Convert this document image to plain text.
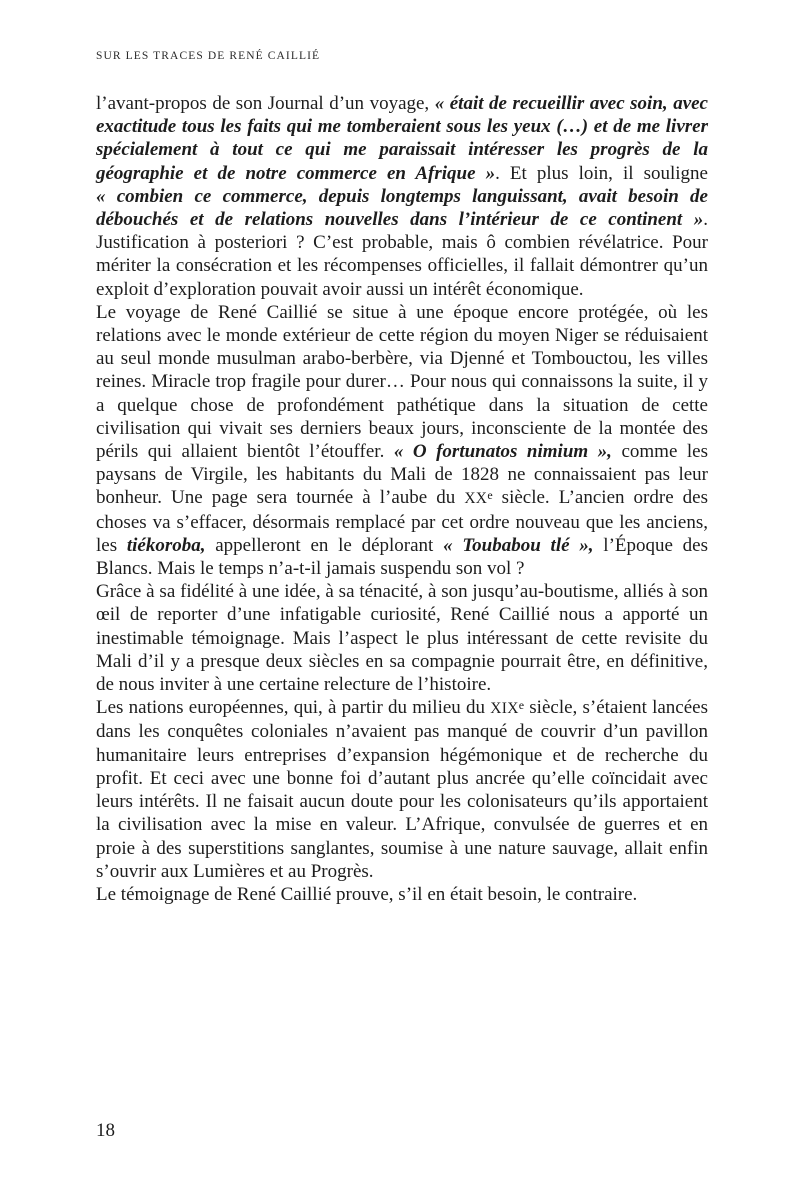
SUR LES TRACES DE RENÉ CAILLIÉ

l’avant-propos de son Journal d’un voyage, « était de recueillir avec soin, avec exactitude tous les faits qui me tomberaient sous les yeux (…) et de me livrer spécialement à tout ce qui me paraissait intéresser les progrès de la géographie et de notre commerce en Afrique ». Et plus loin, il souligne « combien ce commerce, depuis longtemps languissant, avait besoin de débouchés et de relations nouvelles dans l’intérieur de ce continent ». Justification à posteriori ? C’est probable, mais ô combien révélatrice. Pour mériter la consécration et les récompenses officielles, il fallait démontrer qu’un exploit d’exploration pouvait avoir aussi un intérêt économique.

Le voyage de René Caillié se situe à une époque encore protégée, où les relations avec le monde extérieur de cette région du moyen Niger se réduisaient au seul monde musulman arabo-berbère, via Djenné et Tombouctou, les villes reines. Miracle trop fragile pour durer… Pour nous qui connaissons la suite, il y a quelque chose de profondément pathétique dans la situation de cette civilisation qui vivait ses derniers beaux jours, inconsciente de la montée des périls qui allaient bientôt l’étouffer. « O fortunatos nimium », comme les paysans de Virgile, les habitants du Mali de 1828 ne connaissaient pas leur bonheur. Une page sera tournée à l’aube du XXe siècle. L’ancien ordre des choses va s’effacer, désormais remplacé par cet ordre nouveau que les anciens, les tiékoroba, appelleront en le déplorant « Toubabou tlé », l’Époque des Blancs. Mais le temps n’a-t-il jamais suspendu son vol ?

Grâce à sa fidélité à une idée, à sa ténacité, à son jusqu’au-boutisme, alliés à son œil de reporter d’une infatigable curiosité, René Caillié nous a apporté un inestimable témoignage. Mais l’aspect le plus intéressant de cette revisite du Mali d’il y a presque deux siècles en sa compagnie pourrait être, en définitive, de nous inviter à une certaine relecture de l’histoire.

Les nations européennes, qui, à partir du milieu du XIXe siècle, s’étaient lancées dans les conquêtes coloniales n’avaient pas manqué de couvrir d’un pavillon humanitaire leurs entreprises d’expansion hégémonique et de recherche du profit. Et ceci avec une bonne foi d’autant plus ancrée qu’elle coïncidait avec leurs intérêts. Il ne faisait aucun doute pour les colonisateurs qu’ils apportaient la civilisation avec la mise en valeur. L’Afrique, convulsée de guerres et en proie à des superstitions sanglantes, soumise à une nature sauvage, allait enfin s’ouvrir aux Lumières et au Progrès.

Le témoignage de René Caillié prouve, s’il en était besoin, le contraire.

18
